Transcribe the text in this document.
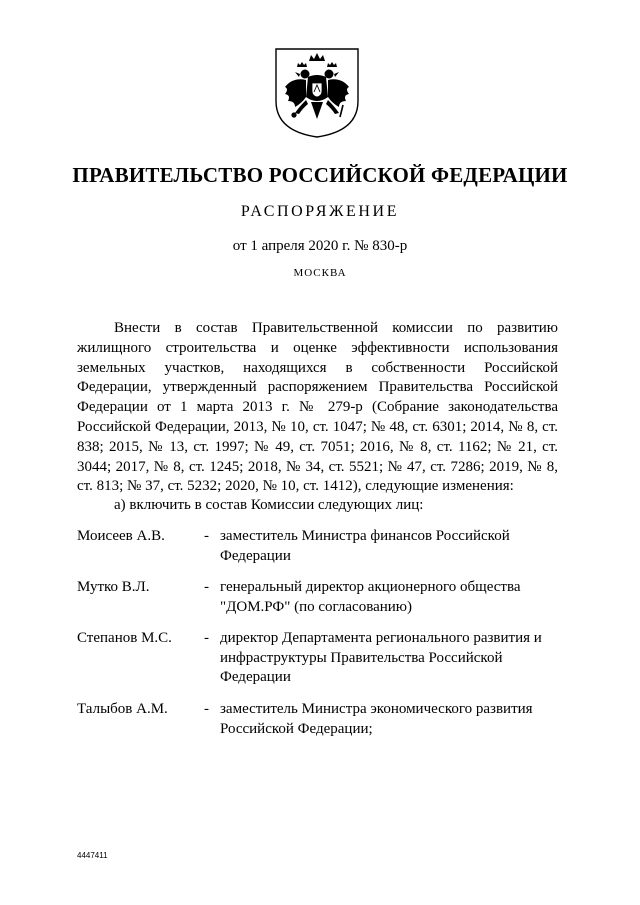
ПРАВИТЕЛЬСТВО РОССИЙСКОЙ ФЕДЕРАЦИИ
РАСПОРЯЖЕНИЕ
от 1 апреля 2020 г. № 830-р
МОСКВА
Внести в состав Правительственной комиссии по развитию жилищного строительства и оценке эффективности использования земельных участков, находящихся в собственности Российской Федерации, утвержденный распоряжением Правительства Российской Федерации от 1 марта 2013 г. № 279-р (Собрание законодательства Российской Федерации, 2013, № 10, ст. 1047; № 48, ст. 6301; 2014, № 8, ст. 838; 2015, № 13, ст. 1997; № 49, ст. 7051; 2016, № 8, ст. 1162; № 21, ст. 3044; 2017, № 8, ст. 1245; 2018, № 34, ст. 5521; № 47, ст. 7286; 2019, № 8, ст. 813; № 37, ст. 5232; 2020, № 10, ст. 1412), следующие изменения:
а) включить в состав Комиссии следующих лиц:
Моисеев А.В.	- заместитель Министра финансов Российской Федерации
Мутко В.Л.	- генеральный директор акционерного общества "ДОМ.РФ" (по согласованию)
Степанов М.С.	- директор Департамента регионального развития и инфраструктуры Правительства Российской Федерации
Талыбов А.М.	- заместитель Министра экономического развития Российской Федерации;
4447411
